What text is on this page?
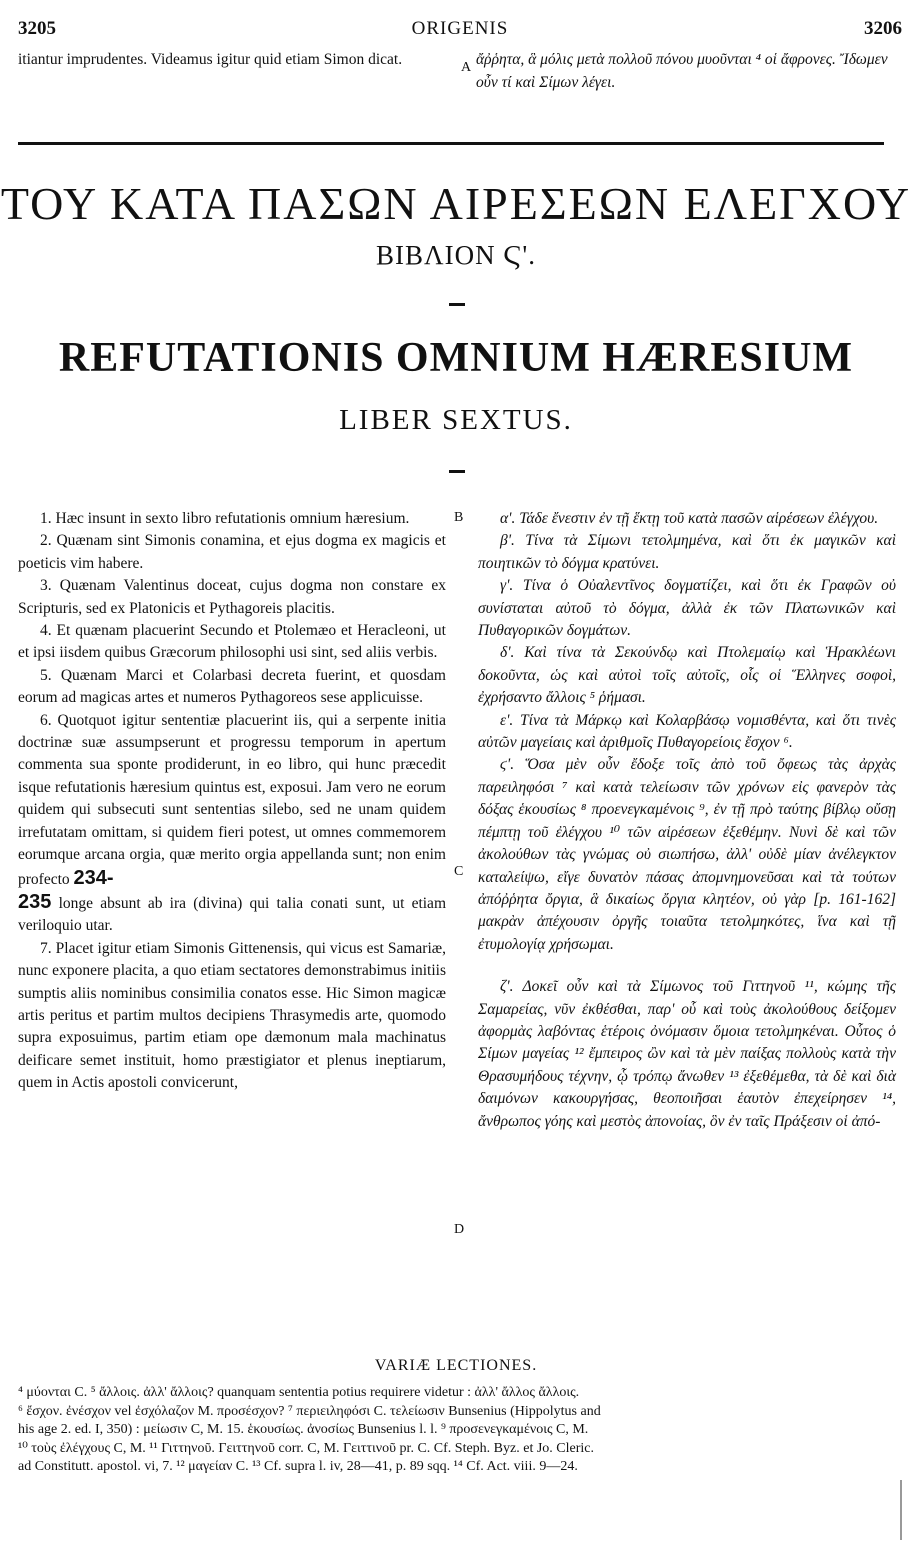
3205	ORIGENIS	3206
itiantur imprudentes. Videamus igitur quid etiam Simon dicat.	A ἄῤῥητα, ἃ μόλις μετὰ πολλοῦ πόνου μυοῦνται ⁴ οἱ ἄφρονες. Ἴδωμεν οὖν τί καὶ Σίμων λέγει.
ΤΟΥ ΚΑΤΑ ΠΑΣΩΝ ΑΙΡΕΣΕΩΝ ΕΛΕΓΧΟΥ
ΒΙΒΛΙΟΝ Ϛ'.
REFUTATIONIS OMNIUM HÆRESIUM
LIBER SEXTUS.

1. Hæc insunt in sexto libro refutationis omnium hæresium.

2. Quænam sint Simonis conamina, et ejus dogma ex magicis et poeticis vim habere.

3. Quænam Valentinus doceat, cujus dogma non constare ex Scripturis, sed ex Platonicis et Pythagoreis placitis.

4. Et quænam placuerint Secundo et Ptolemæo et Heracleoni, ut et ipsi iisdem quibus Græcorum philosophi usi sint, sed aliis verbis.

5. Quænam Marci et Colarbasi decreta fuerint, et quosdam eorum ad magicas artes et numeros Pythagoreos sese applicuisse.

6. Quotquot igitur sententiæ placuerint iis, qui a serpente initia doctrinæ suæ assumpserunt et progressu temporum in apertum commenta sua sponte prodiderunt, in eo libro, qui hunc præcedit isque refutationis hæresium quintus est, exposui. Jam vero ne eorum quidem qui subsecuti sunt sententias silebo, sed ne unam quidem irrefutatam omittam, si quidem fieri potest, ut omnes commemorem eorumque arcana orgia, quæ merito orgia appellanda sunt; non enim profecto 234-
235 longe absunt ab ira (divina) qui talia conati sunt, ut etiam veriloquio utar.

7. Placet igitur etiam Simonis Gittenensis, qui vicus est Samariæ, nunc exponere placita, a quo etiam sectatores demonstrabimus initiis sumptis aliis nominibus consimilia conatos esse. Hic Simon magicæ artis peritus et partim multos decipiens Thrasymedis arte, quomodo supra exposuimus, partim etiam ope dæmonum mala machinatus deificare semet instituit, homo præstigiator et plenus ineptiarum, quem in Actis apostoli convicerunt,

B
C
D

α'. Τάδε ἔνεστιν ἐν τῇ ἕκτῃ τοῦ κατὰ πασῶν αἱρέσεων ἐλέγχου.

β'. Τίνα τὰ Σίμωνι τετολμημένα, καὶ ὅτι ἐκ μαγικῶν καὶ ποιητικῶν τὸ δόγμα κρατύνει.

γ'. Τίνα ὁ Οὐαλεντῖνος δογματίζει, καὶ ὅτι ἐκ Γραφῶν οὐ συνίσταται αὐτοῦ τὸ δόγμα, ἀλλὰ ἐκ τῶν Πλατωνικῶν καὶ Πυθαγορικῶν δογμάτων.

δ'. Καὶ τίνα τὰ Σεκούνδῳ καὶ Πτολεμαίῳ καὶ Ἡρακλέωνι δοκοῦντα, ὡς καὶ αὐτοὶ τοῖς αὐτοῖς, οἷς οἱ Ἕλληνες σοφοὶ, ἐχρήσαντο ἄλλοις ⁵ ῥήμασι.

ε'. Τίνα τὰ Μάρκῳ καὶ Κολαρβάσῳ νομισθέντα, καὶ ὅτι τινὲς αὐτῶν μαγείαις καὶ ἀριθμοῖς Πυθαγορείοις ἔσχον ⁶.

ϛ'. Ὅσα μὲν οὖν ἔδοξε τοῖς ἀπὸ τοῦ ὄφεως τὰς ἀρχὰς παρειληφόσι ⁷ καὶ κατὰ τελείωσιν τῶν χρόνων εἰς φανερὸν τὰς δόξας ἑκουσίως ⁸ προενεγκαμένοις ⁹, ἐν τῇ πρὸ ταύτης βίβλῳ οὔσῃ πέμπτῃ τοῦ ἐλέγχου ¹⁰ τῶν αἱρέσεων ἐξεθέμην. Νυνὶ δὲ καὶ τῶν ἀκολούθων τὰς γνώμας οὐ σιωπήσω, ἀλλ' οὐδὲ μίαν ἀνέλεγκτον καταλείψω, εἴγε δυνατὸν πάσας ἀπομνημονεῦσαι καὶ τὰ τούτων ἀπόῤῥητα ὄργια, ἃ δικαίως ὄργια κλητέον, οὐ γὰρ [p. 161-162] μακρὰν ἀπέχουσιν ὀργῆς τοιαῦτα τετολμηκότες, ἵνα καὶ τῇ ἐτυμολογίᾳ χρήσωμαι.

ζ'. Δοκεῖ οὖν καὶ τὰ Σίμωνος τοῦ Γιττηνοῦ ¹¹, κώμης τῆς Σαμαρείας, νῦν ἐκθέσθαι, παρ' οὗ καὶ τοὺς ἀκολούθους δείξομεν ἀφορμὰς λαβόντας ἑτέροις ὀνόμασιν ὅμοια τετολμηκέναι. Οὗτος ὁ Σίμων μαγείας ¹² ἔμπειρος ὢν καὶ τὰ μὲν παίξας πολλοὺς κατὰ τὴν Θρασυμήδους τέχνην, ᾧ τρόπῳ ἄνωθεν ¹³ ἐξεθέμεθα, τὰ δὲ καὶ διὰ δαιμόνων κακουργήσας, θεοποιῆσαι ἑαυτὸν ἐπεχείρησεν ¹⁴, ἄνθρωπος γόης καὶ μεστὸς ἀπονοίας, ὃν ἐν ταῖς Πράξεσιν οἱ ἀπό-

VARIÆ LECTIONES.
⁴ μύονται C. ⁵ ἄλλοις. ἀλλ' ἄλλοις? quanquam sententia potius requirere videtur : ἀλλ' ἄλλος ἄλλοις.
⁶ ἔσχον. ἐνέσχον vel ἐσχόλαζον M. προσέσχον? ⁷ περιειληφόσι C. τελείωσιν Bunsenius (Hippolytus and
his age 2. ed. I, 350) : μείωσιν C, M. 15. ἑκουσίως. ἀνοσίως Bunsenius l. l. ⁹ προσενεγκαμένοις C, M.
¹⁰ τοὺς ἐλέγχους C, M. ¹¹ Γιττηνοῦ. Γειττηνοῦ corr. C, M. Γειττινοῦ pr. C. Cf. Steph. Byz. et Jo. Cleric.
ad Constitutt. apostol. vi, 7. ¹² μαγείαν C. ¹³ Cf. supra l. iv, 28—41, p. 89 sqq. ¹⁴ Cf. Act. viii. 9—24.
